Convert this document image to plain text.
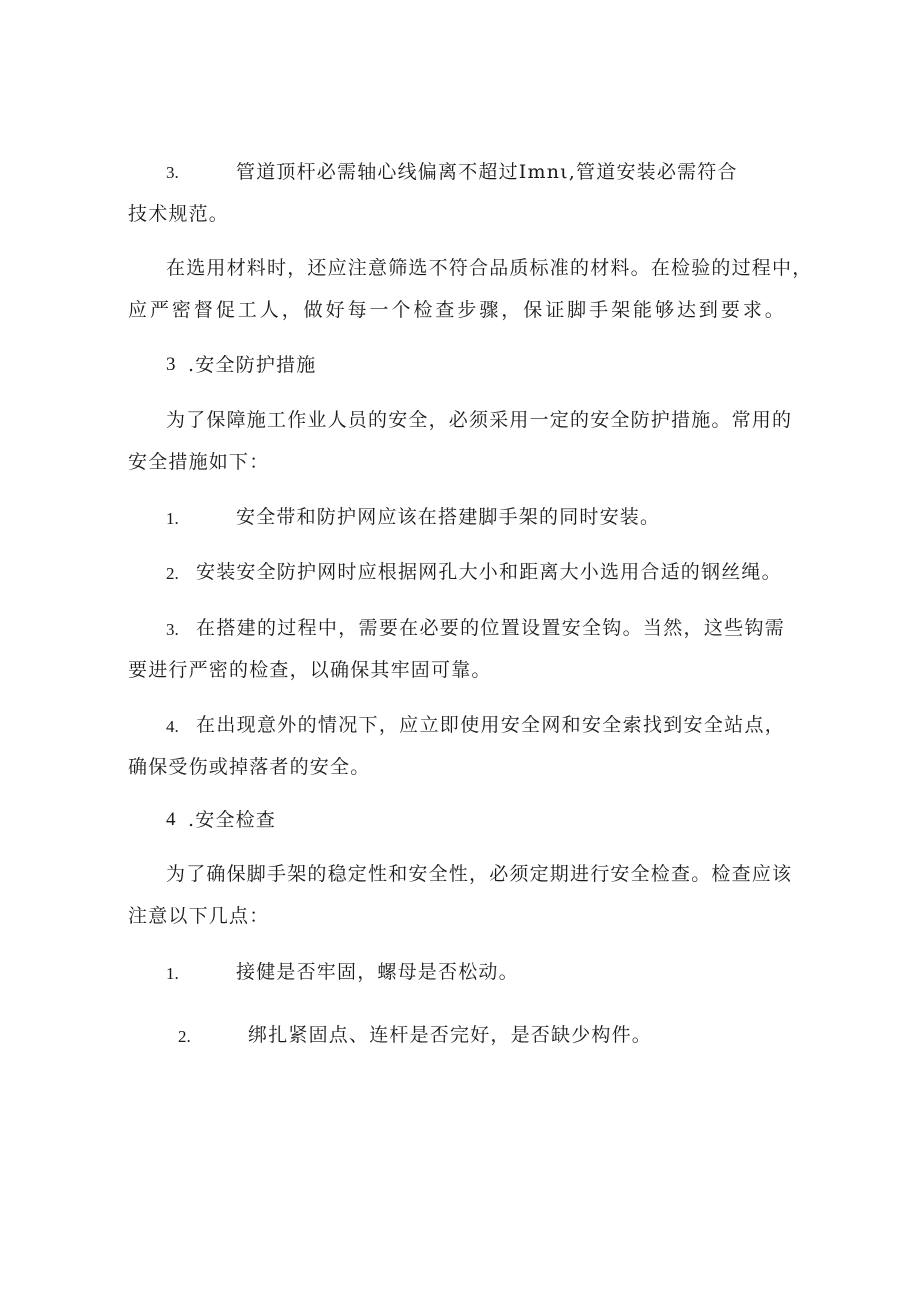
3.	管道顶杆必需轴心线偏离不超过Imnι,管道安装必需符合
技术规范。
在选用材料时，还应注意筛选不符合品质标准的材料。在检验的过程中，
应严密督促工人，做好每一个检查步骤，保证脚手架能够达到要求。
3 .安全防护措施
为了保障施工作业人员的安全，必须采用一定的安全防护措施。常用的
安全措施如下：
1.	安全带和防护网应该在搭建脚手架的同时安装。
2. 安装安全防护网时应根据网孔大小和距离大小选用合适的钢丝绳。
3. 在搭建的过程中，需要在必要的位置设置安全钩。当然，这些钩需
要进行严密的检查，以确保其牢固可靠。
4. 在出现意外的情况下，应立即使用安全网和安全索找到安全站点，
确保受伤或掉落者的安全。
4 .安全检查
为了确保脚手架的稳定性和安全性，必须定期进行安全检查。检查应该
注意以下几点：
1.	接健是否牢固，螺母是否松动。
2.	绑扎紧固点、连杆是否完好，是否缺少构件。
